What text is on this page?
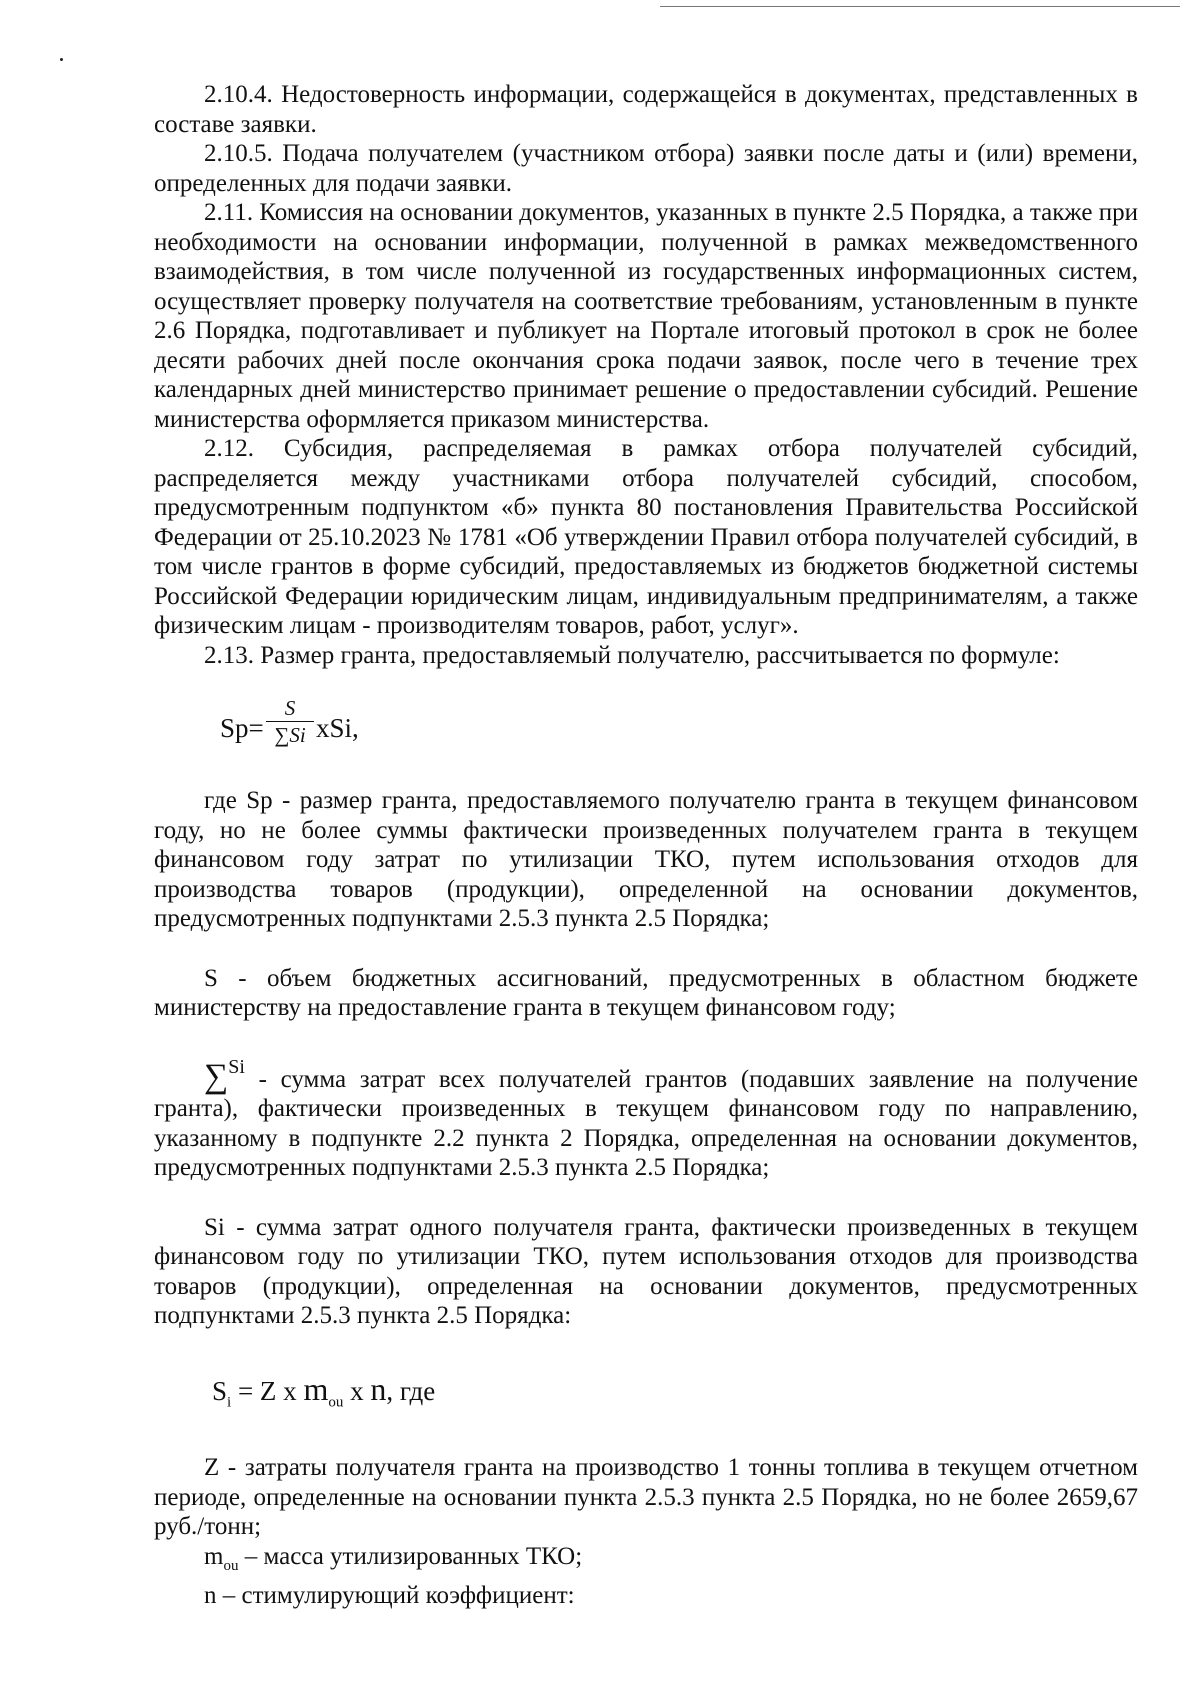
2.10.4. Недостоверность информации, содержащейся в документах, представленных в составе заявки.

2.10.5. Подача получателем (участником отбора) заявки после даты и (или) времени, определенных для подачи заявки.

2.11. Комиссия на основании документов, указанных в пункте 2.5 Порядка, а также при необходимости на основании информации, полученной в рамках межведомственного взаимодействия, в том числе полученной из государственных информационных систем, осуществляет проверку получателя на соответствие требованиям, установленным в пункте 2.6 Порядка, подготавливает и публикует на Портале итоговый протокол в срок не более десяти рабочих дней после окончания срока подачи заявок, после чего в течение трех календарных дней министерство принимает решение о предоставлении субсидий. Решение министерства оформляется приказом министерства.

2.12. Субсидия, распределяемая в рамках отбора получателей субсидий, распределяется между участниками отбора получателей субсидий, способом, предусмотренным подпунктом «б» пункта 80 постановления Правительства Российской Федерации от 25.10.2023 № 1781 «Об утверждении Правил отбора получателей субсидий, в том числе грантов в форме субсидий, предоставляемых из бюджетов бюджетной системы Российской Федерации юридическим лицам, индивидуальным предпринимателям, а также физическим лицам - производителям товаров, работ, услуг».

2.13. Размер гранта, предоставляемый получателю, рассчитывается по формуле:

Sp=
S
∑Si xSi,

где Sp - размер гранта, предоставляемого получателю гранта в текущем финансовом году, но не более суммы фактически произведенных получателем гранта в текущем финансовом году затрат по утилизации ТКО, путем использования отходов для производства товаров (продукции), определенной на основании документов, предусмотренных подпунктами 2.5.3 пункта 2.5 Порядка;

S - объем бюджетных ассигнований, предусмотренных в областном бюджете министерству на предоставление гранта в текущем финансовом году;

∑$^{Si}$ - сумма затрат всех получателей грантов (подавших заявление на получение гранта), фактически произведенных в текущем финансовом году по направлению, указанному в подпункте 2.2 пункта 2 Порядка, определенная на основании документов, предусмотренных подпунктами 2.5.3 пункта 2.5 Порядка;

Si - сумма затрат одного получателя гранта, фактически произведенных в текущем финансовом году по утилизации ТКО, путем использования отходов для производства товаров (продукции), определенная на основании документов, предусмотренных подпунктами 2.5.3 пункта 2.5 Порядка:

$S_i = Z$ x $m_{ou}$ x n, где

Z - затраты получателя гранта на производство 1 тонны топлива в текущем отчетном периоде, определенные на основании пункта 2.5.3 пункта 2.5 Порядка, но не более 2659,67 руб./тонн;

$m_{ou}$ – масса утилизированных ТКО;

n – стимулирующий коэффициент:
